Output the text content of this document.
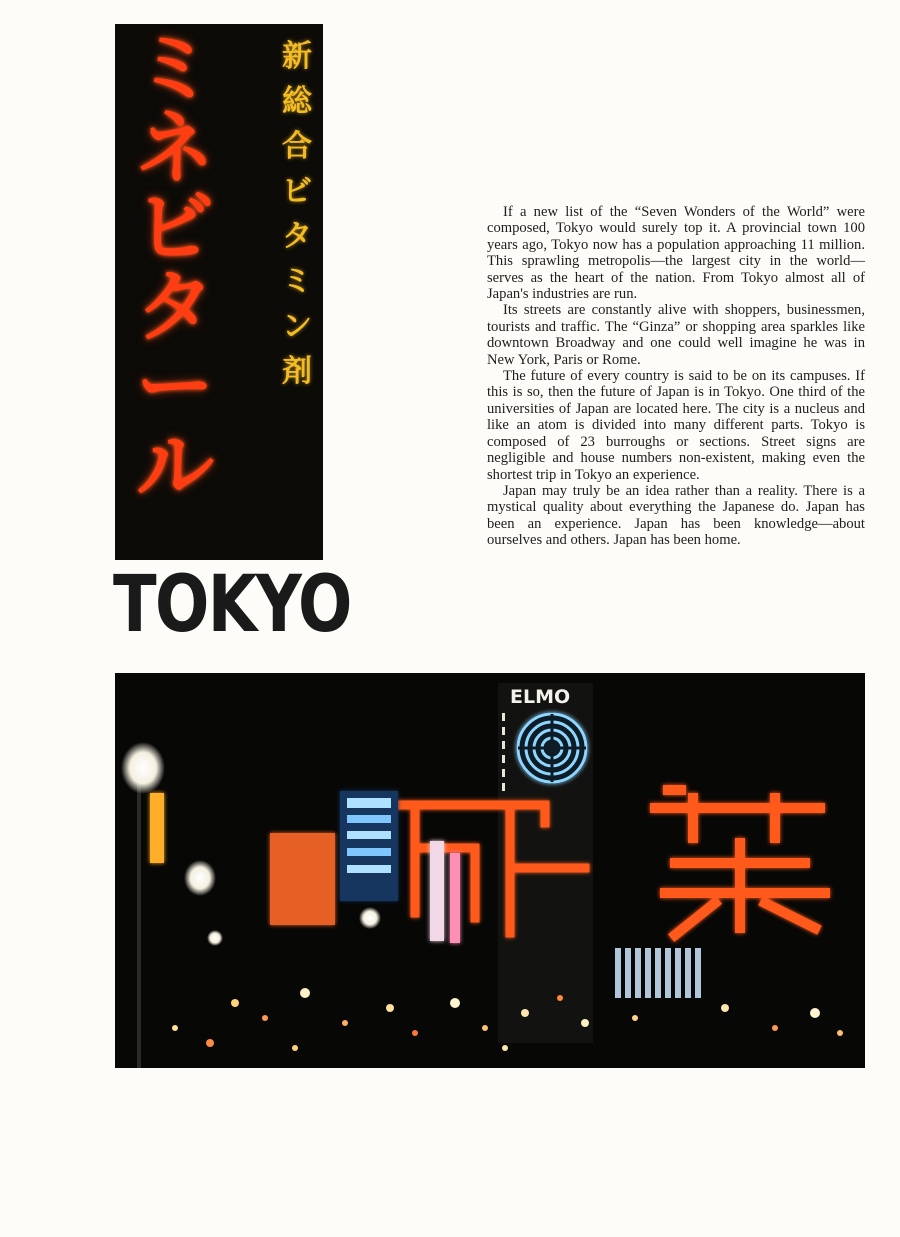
ミ
ネ
ビ
タ
ー
ル
新
総
合
ビ
タ
ミ
ン
剤
TOKYO

If a new list of the “Seven Wonders of the World” were composed, Tokyo would surely top it. A provincial town 100 years ago, Tokyo now has a population approaching 11 million. This sprawling metropolis—the largest city in the world—serves as the heart of the nation. From Tokyo almost all of Japan's industries are run.

Its streets are constantly alive with shoppers, businessmen, tourists and traffic. The “Ginza” or shopping area sparkles like downtown Broadway and one could well imagine he was in New York, Paris or Rome.

The future of every country is said to be on its campuses. If this is so, then the future of Japan is in Tokyo. One third of the universities of Japan are located here. The city is a nucleus and like an atom is divided into many different parts. Tokyo is composed of 23 burroughs or sections. Street signs are negligible and house numbers non-existent, making even the shortest trip in Tokyo an experience.

Japan may truly be an idea rather than a reality. There is a mystical quality about everything the Japanese do. Japan has been an experience. Japan has been knowledge—about ourselves and others. Japan has been home.

ELMO
